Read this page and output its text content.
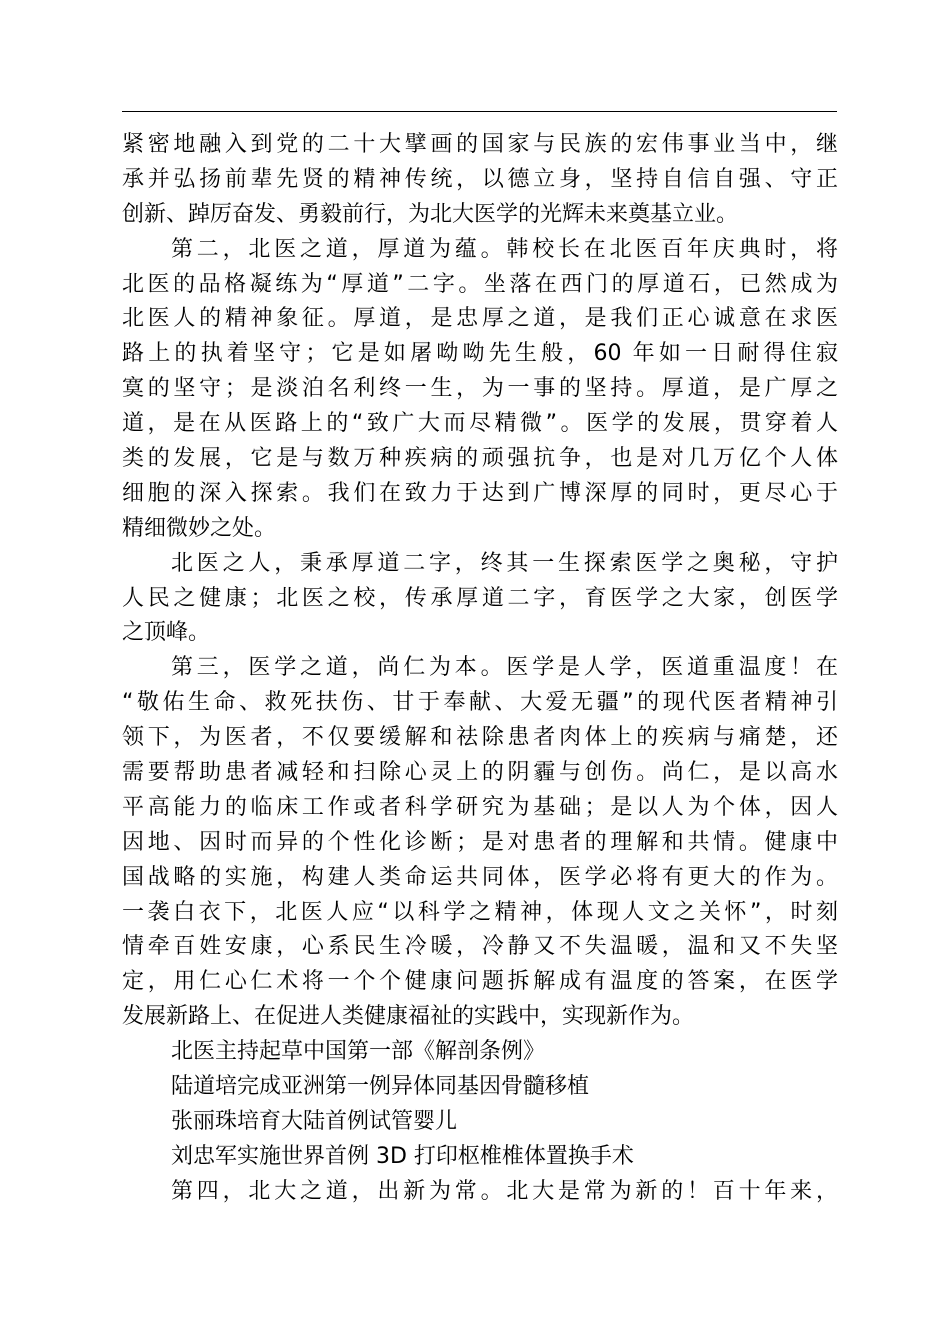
紧密地融入到党的二十大擘画的国家与民族的宏伟事业当中，继
承并弘扬前辈先贤的精神传统，以德立身，坚持自信自强、守正
创新、踔厉奋发、勇毅前行，为北大医学的光辉未来奠基立业。
第二，北医之道，厚道为蕴。韩校长在北医百年庆典时，将
北医的品格凝练为“厚道”二字。坐落在西门的厚道石，已然成为
北医人的精神象征。厚道，是忠厚之道，是我们正心诚意在求医
路上的执着坚守；它是如屠呦呦先生般，60 年如一日耐得住寂
寞的坚守；是淡泊名利终一生，为一事的坚持。厚道，是广厚之
道，是在从医路上的“致广大而尽精微”。医学的发展，贯穿着人
类的发展，它是与数万种疾病的顽强抗争，也是对几万亿个人体
细胞的深入探索。我们在致力于达到广博深厚的同时，更尽心于
精细微妙之处。
北医之人，秉承厚道二字，终其一生探索医学之奥秘，守护
人民之健康；北医之校，传承厚道二字，育医学之大家，创医学
之顶峰。
第三，医学之道，尚仁为本。医学是人学，医道重温度！在
“敬佑生命、救死扶伤、甘于奉献、大爱无疆”的现代医者精神引
领下，为医者，不仅要缓解和祛除患者肉体上的疾病与痛楚，还
需要帮助患者减轻和扫除心灵上的阴霾与创伤。尚仁，是以高水
平高能力的临床工作或者科学研究为基础；是以人为个体，因人
因地、因时而异的个性化诊断；是对患者的理解和共情。健康中
国战略的实施，构建人类命运共同体，医学必将有更大的作为。
一袭白衣下，北医人应“以科学之精神，体现人文之关怀”，时刻
情牵百姓安康，心系民生冷暖，冷静又不失温暖，温和又不失坚
定，用仁心仁术将一个个健康问题拆解成有温度的答案，在医学
发展新路上、在促进人类健康福祉的实践中，实现新作为。
北医主持起草中国第一部《解剖条例》
陆道培完成亚洲第一例异体同基因骨髓移植
张丽珠培育大陆首例试管婴儿
刘忠军实施世界首例 3D 打印枢椎椎体置换手术
第四，北大之道，出新为常。北大是常为新的！百十年来，
